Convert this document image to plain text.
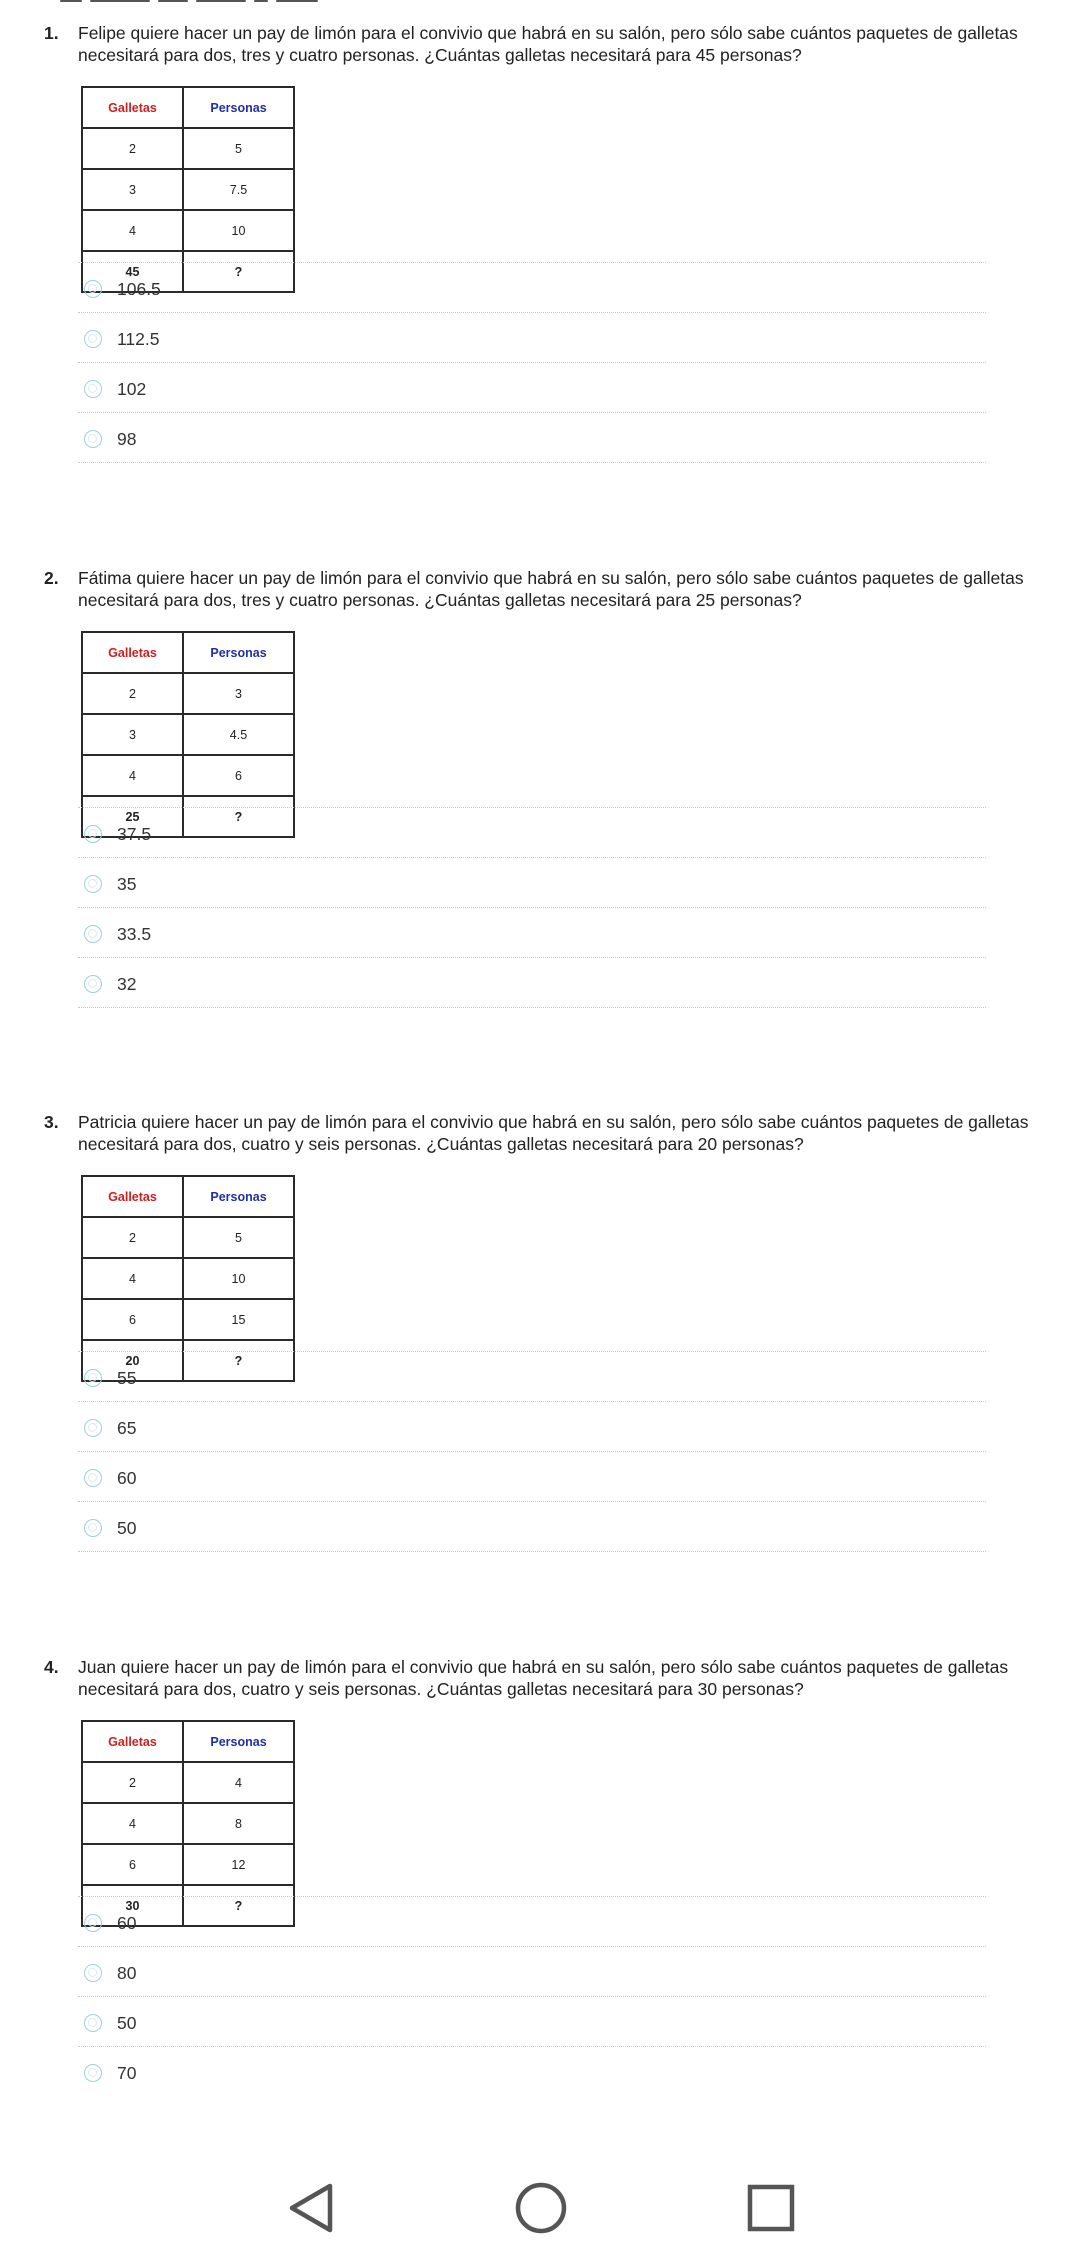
1. Felipe quiere hacer un pay de limón para el convivio que habrá en su salón, pero sólo sabe cuántos paquetes de galletas necesitará para dos, tres y cuatro personas. ¿Cuántas galletas necesitará para 45 personas?
Galletas	Personas
2	5
3	7.5
4	10
45	?
106.5
112.5
102
98
2. Fátima quiere hacer un pay de limón para el convivio que habrá en su salón, pero sólo sabe cuántos paquetes de galletas necesitará para dos, tres y cuatro personas. ¿Cuántas galletas necesitará para 25 personas?
Galletas	Personas
2	3
3	4.5
4	6
25	?
37.5
35
33.5
32
3. Patricia quiere hacer un pay de limón para el convivio que habrá en su salón, pero sólo sabe cuántos paquetes de galletas necesitará para dos, cuatro y seis personas. ¿Cuántas galletas necesitará para 20 personas?
Galletas	Personas
2	5
4	10
6	15
20	?
55
65
60
50
4. Juan quiere hacer un pay de limón para el convivio que habrá en su salón, pero sólo sabe cuántos paquetes de galletas necesitará para dos, cuatro y seis personas. ¿Cuántas galletas necesitará para 30 personas?
Galletas	Personas
2	4
4	8
6	12
30	?
60
80
50
70
